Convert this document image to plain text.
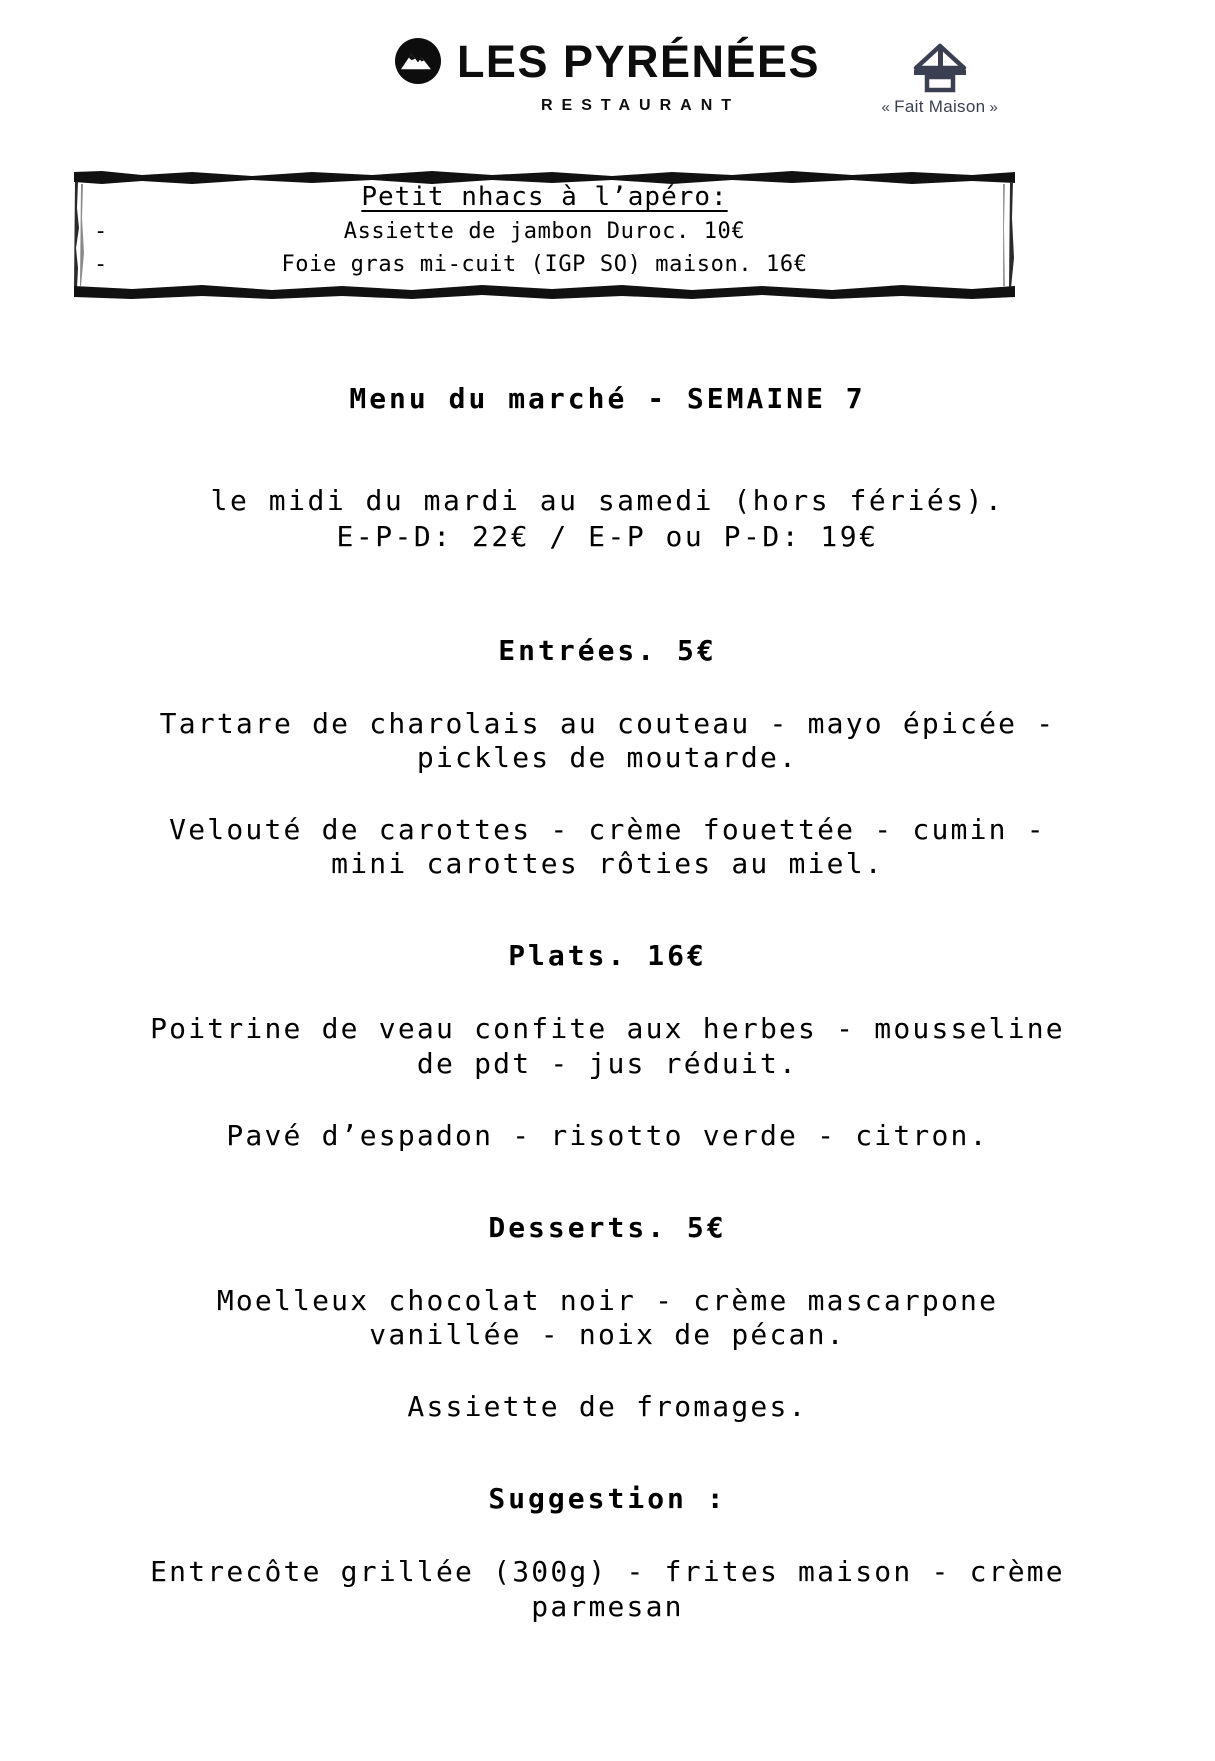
LES PYRÉNÉES
RESTAURANT	« Fait Maison »
Petit nhacs à l’apéro:
-	Assiette de jambon Duroc. 10€
-	Foie gras mi-cuit (IGP SO) maison. 16€
Menu du marché - SEMAINE 7
le midi du mardi au samedi (hors fériés).
E-P-D: 22€ / E-P ou P-D: 19€
Entrées. 5€
Tartare de charolais au couteau - mayo épicée - pickles de moutarde.
Velouté de carottes - crème fouettée - cumin - mini carottes rôties au miel.
Plats. 16€
Poitrine de veau confite aux herbes - mousseline de pdt - jus réduit.
Pavé d’espadon - risotto verde - citron.
Desserts. 5€
Moelleux chocolat noir - crème mascarpone vanillée - noix de pécan.
Assiette de fromages.
Suggestion :
Entrecôte grillée (300g) - frites maison - crème parmesan
